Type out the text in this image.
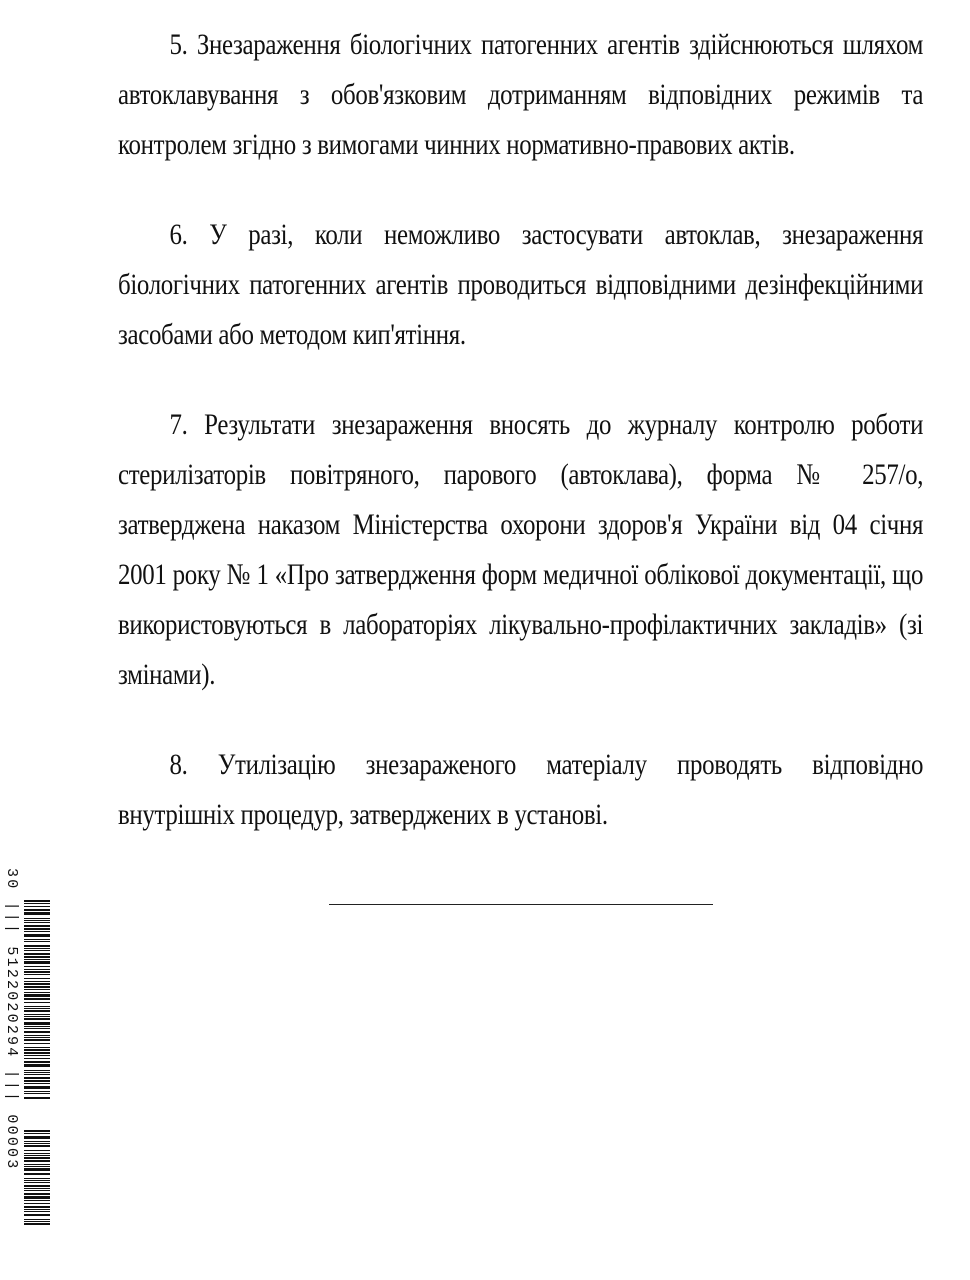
5. Знезараження біологічних патогенних агентів здійснюються шляхом автоклавування з обов'язковим дотриманням відповідних режимів та контролем згідно з вимогами чинних нормативно-правових актів.

6. У разі, коли неможливо застосувати автоклав, знезараження біологічних патогенних агентів проводиться відповідними дезінфекційними засобами або методом кип'ятіння.

7. Результати знезараження вносять до журналу контролю роботи стерилізаторів повітряного, парового (автоклава), форма № 257/о, затверджена наказом Міністерства охорони здоров'я України від 04 січня 2001 року № 1 «Про затвердження форм медичної облікової документації, що використовуються в лабораторіях лікувально-профілактичних закладів» (зі змінами).

8. Утилізацію знезараженого матеріалу проводять відповідно внутрішніх процедур, затверджених в установі.

30 ||| 5122020294 ||| 00003
